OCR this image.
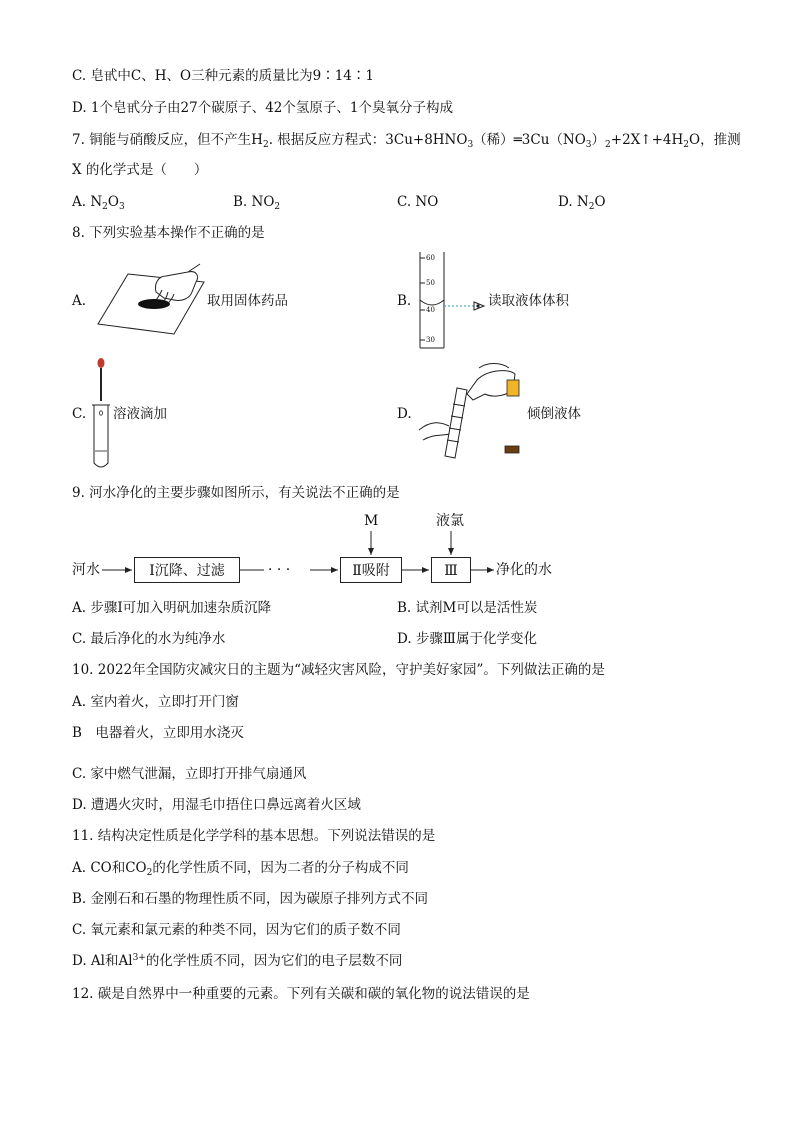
C. 皂甙中C、H、O三种元素的质量比为9∶14∶1
D. 1个皂甙分子由27个碳原子、42个氢原子、1个臭氧分子构成
7. 铜能与硝酸反应，但不产生$H_2$. 根据反应方程式：$3Cu+8HNO_3$（稀）$═3Cu(NO_3)_2+2X↑+4H_2O$，推测
X 的化学式是（　　）
A. $N_2O_3$	B. $NO_2$	C. NO	D. $N_2O$
8. 下列实验基本操作不正确的是
A.	取用固体药品	B.
60
50
40
30
读取液体体积
C. 溶液滴加	D.	倾倒液体
9. 河水净化的主要步骤如图所示，有关说法不正确的是
河水	Ⅰ沉降、过滤	· · ·
M
Ⅱ吸附
液氯
Ⅲ	净化的水
A. 步骤Ⅰ可加入明矾加速杂质沉降	B. 试剂M可以是活性炭
C. 最后净化的水为纯净水	D. 步骤Ⅲ属于化学变化
10. 2022年全国防灾减灾日的主题为“减轻灾害风险，守护美好家园”。下列做法正确的是
A. 室内着火，立即打开门窗
B　电器着火，立即用水浇灭
C. 家中燃气泄漏，立即打开排气扇通风
D. 遭遇火灾时，用湿毛巾捂住口鼻远离着火区域
11. 结构决定性质是化学学科的基本思想。下列说法错误的是
A. CO和$CO_2$的化学性质不同，因为二者的分子构成不同
B. 金刚石和石墨的物理性质不同，因为碳原子排列方式不同
C. 氧元素和氯元素的种类不同，因为它们的质子数不同
D. Al和$Al^{3+}$的化学性质不同，因为它们的电子层数不同
12. 碳是自然界中一种重要的元素。下列有关碳和碳的氧化物的说法错误的是
